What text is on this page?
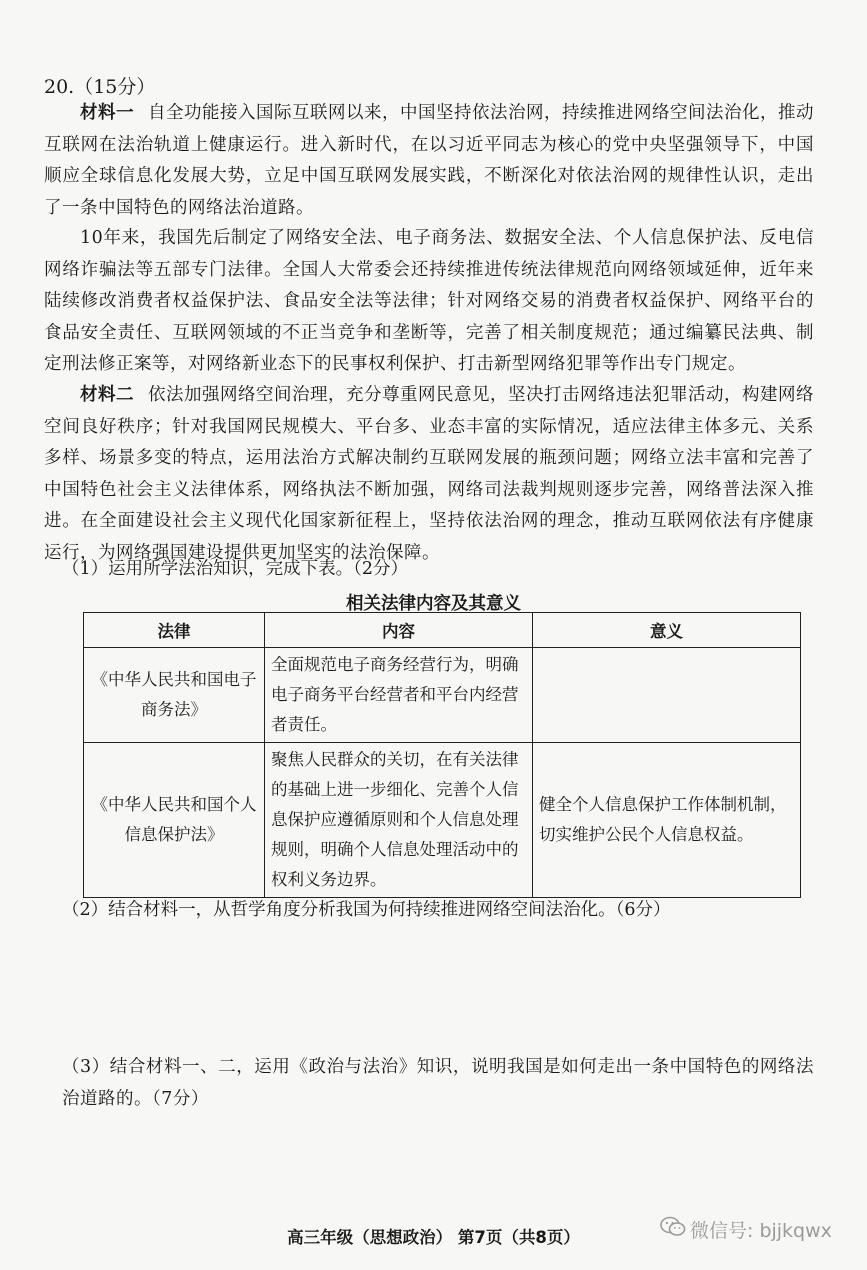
20.（15分）

材料一 自全功能接入国际互联网以来，中国坚持依法治网，持续推进网络空间法治化，推动互联网在法治轨道上健康运行。进入新时代，在以习近平同志为核心的党中央坚强领导下，中国顺应全球信息化发展大势，立足中国互联网发展实践，不断深化对依法治网的规律性认识，走出了一条中国特色的网络法治道路。

10年来，我国先后制定了网络安全法、电子商务法、数据安全法、个人信息保护法、反电信网络诈骗法等五部专门法律。全国人大常委会还持续推进传统法律规范向网络领域延伸，近年来陆续修改消费者权益保护法、食品安全法等法律；针对网络交易的消费者权益保护、网络平台的食品安全责任、互联网领域的不正当竞争和垄断等，完善了相关制度规范；通过编纂民法典、制定刑法修正案等，对网络新业态下的民事权利保护、打击新型网络犯罪等作出专门规定。

材料二 依法加强网络空间治理，充分尊重网民意见，坚决打击网络违法犯罪活动，构建网络空间良好秩序；针对我国网民规模大、平台多、业态丰富的实际情况，适应法律主体多元、关系多样、场景多变的特点，运用法治方式解决制约互联网发展的瓶颈问题；网络立法丰富和完善了中国特色社会主义法律体系，网络执法不断加强，网络司法裁判规则逐步完善，网络普法深入推进。在全面建设社会主义现代化国家新征程上，坚持依法治网的理念，推动互联网依法有序健康运行，为网络强国建设提供更加坚实的法治保障。

（1）运用所学法治知识，完成下表。（2分）
相关法律内容及其意义
法律	内容	意义
《中华人民共和国电子商务法》	全面规范电子商务经营行为，明确电子商务平台经营者和平台内经营者责任。	
《中华人民共和国个人信息保护法》	聚焦人民群众的关切，在有关法律的基础上进一步细化、完善个人信息保护应遵循原则和个人信息处理规则，明确个人信息处理活动中的权利义务边界。	健全个人信息保护工作体制机制，切实维护公民个人信息权益。
（2）结合材料一，从哲学角度分析我国为何持续推进网络空间法治化。（6分）

（3）结合材料一、二，运用《政治与法治》知识，说明我国是如何走出一条中国特色的网络法治道路的。（7分）

高三年级（思想政治） 第7页（共8页）	微信号: bjjkqwx
